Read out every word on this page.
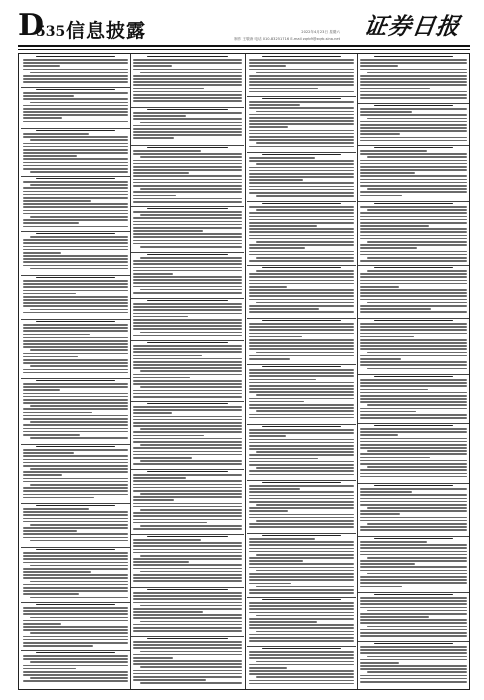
D
535 信息披露	2022年4月23日 星期六
制作 王敬涛 电话 010-83251716 E-mail zqrb9@zqrb.sina.net 证券日报
